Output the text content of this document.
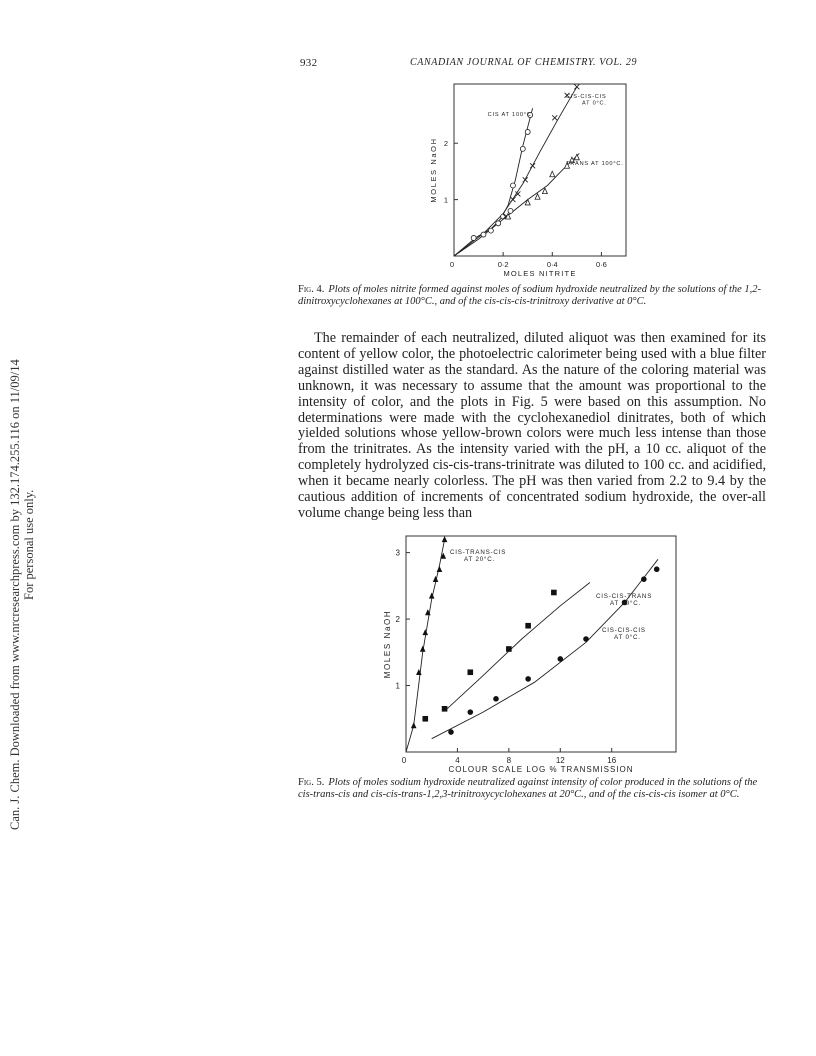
932	CANADIAN JOURNAL OF CHEMISTRY. VOL. 29
Can. J. Chem. Downloaded from www.nrcresearchpress.com by 132.174.255.116 on 11/09/14 For personal use only.
0·2	0·4	0·6
1
2
0
MOLES NITRITE
MOLES NaOH
CIS AT 100°C.
CIS-CIS-CIS
AT 0°C.
TRANS AT 100°C.
Fig. 4. Plots of moles nitrite formed against moles of sodium hydroxide neutralized by the solutions of the 1,2-dinitroxycyclohexanes at 100°C., and of the cis-cis-cis-trinitroxy derivative at 0°C.

The remainder of each neutralized, diluted aliquot was then examined for its content of yellow color, the photoelectric calorimeter being used with a blue filter against distilled water as the standard. As the nature of the coloring material was unknown, it was necessary to assume that the amount was proportional to the intensity of color, and the plots in Fig. 5 were based on this assumption. No determinations were made with the cyclohexanediol dinitrates, both of which yielded solutions whose yellow-brown colors were much less intense than those from the trinitrates. As the intensity varied with the pH, a 10 cc. aliquot of the completely hydrolyzed cis-cis-trans-trinitrate was diluted to 100 cc. and acidified, when it became nearly colorless. The pH was then varied from 2.2 to 9.4 by the cautious addition of increments of concentrated sodium hydroxide, the over-all volume change being less than

4	8	12	16
1
2
3
0
COLOUR SCALE LOG % TRANSMISSION
MOLES NaOH
CIS-TRANS-CIS
AT 20°C.
CIS-CIS-TRANS
AT 20°C.
CIS-CIS-CIS
AT 0°C.
Fig. 5. Plots of moles sodium hydroxide neutralized against intensity of color produced in the solutions of the cis-trans-cis and cis-cis-trans-1,2,3-trinitroxycyclohexanes at 20°C., and of the cis-cis-cis isomer at 0°C.
